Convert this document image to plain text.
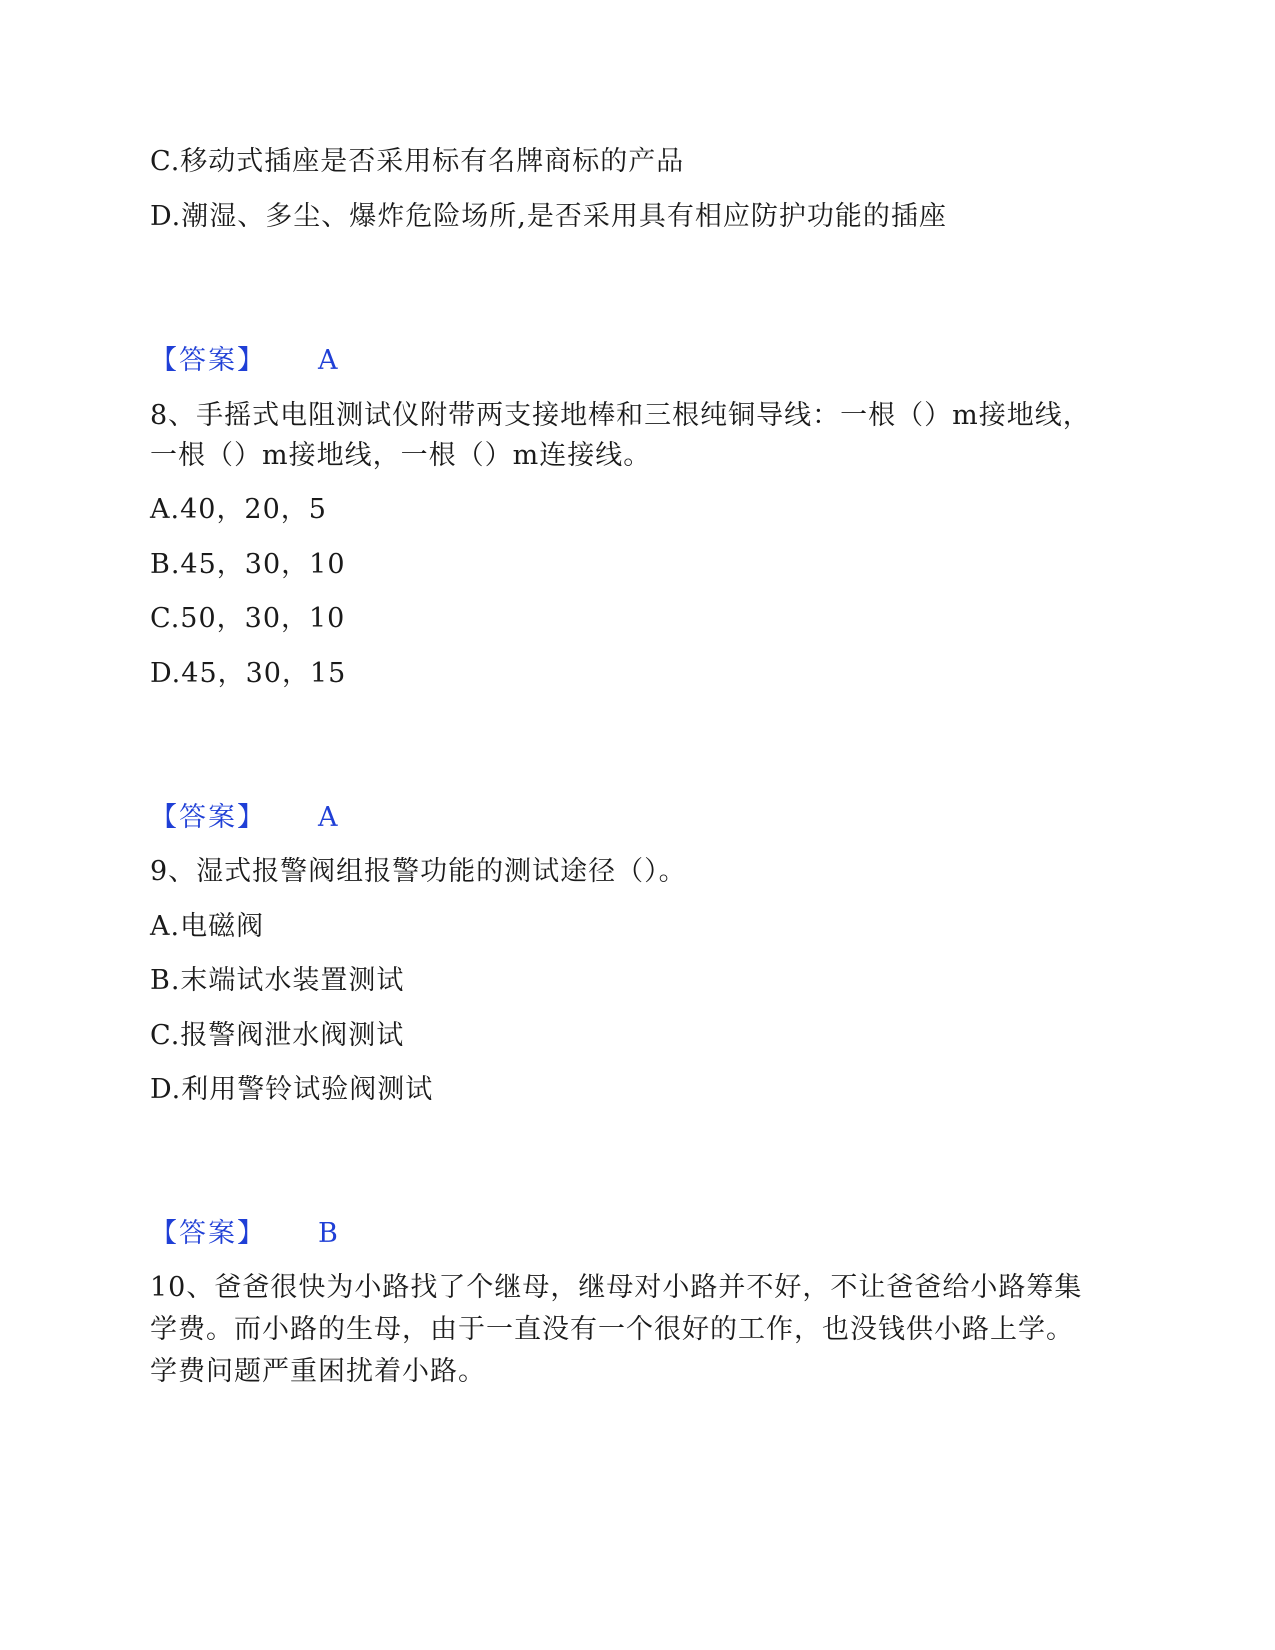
C.移动式插座是否采用标有名牌商标的产品
D.潮湿、多尘、爆炸危险场所,是否采用具有相应防护功能的插座
【答案】 A
8、手摇式电阻测试仪附带两支接地棒和三根纯铜导线：一根（）m接地线，
一根（）m接地线，一根（）m连接线。
A.40，20，5
B.45，30，10
C.50，30，10
D.45，30，15
【答案】 A
9、湿式报警阀组报警功能的测试途径（）。
A.电磁阀
B.末端试水装置测试
C.报警阀泄水阀测试
D.利用警铃试验阀测试
【答案】 B
10、爸爸很快为小路找了个继母，继母对小路并不好，不让爸爸给小路筹集
学费。而小路的生母，由于一直没有一个很好的工作，也没钱供小路上学。
学费问题严重困扰着小路。
